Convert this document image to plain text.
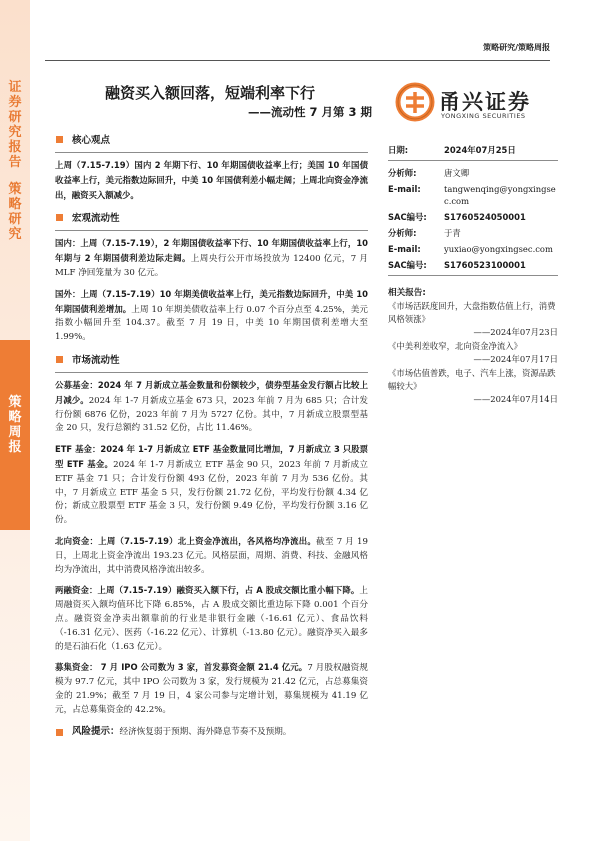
证
券
研
究
报
告
策
略
研
究
策
略
周
报
策略研究/策略周报
融资买入额回落，短端利率下行
——流动性 7 月第 3 期	甬兴证券
YONGXING SECURITIES
核心观点

上周（7.15-7.19）国内 2 年期下行、10 年期国债收益率上行；美国 10 年国债收益率上行，美元指数边际回升，中美 10 年国债利差小幅走阔；上周北向资金净流出，融资买入额减少。

宏观流动性

国内：上周（7.15-7.19），2 年期国债收益率下行、10 年期国债收益率上行，10 年期与 2 年期国债利差边际走阔。上周央行公开市场投放为 12400 亿元，7 月 MLF 净回笼量为 30 亿元。

国外：上周（7.15-7.19）10 年期美债收益率上行，美元指数边际回升，中美 10 年期国债利差增加。上周 10 年期美债收益率上行 0.07 个百分点至 4.25%，美元指数小幅回升至 104.37。截至 7 月 19 日，中美 10 年期国债利差增大至 1.99%。

市场流动性

公募基金：2024 年 7 月新成立基金数量和份额较少，债券型基金发行额占比较上月减少。2024 年 1-7 月新成立基金 673 只，2023 年前 7 月为 685 只；合计发行份额 6876 亿份，2023 年前 7 月为 5727 亿份。其中，7 月新成立股票型基金 20 只，发行总额约 31.52 亿份，占比 11.46%。

ETF 基金：2024 年 1-7 月新成立 ETF 基金数量同比增加，7 月新成立 3 只股票型 ETF 基金。2024 年 1-7 月新成立 ETF 基金 90 只，2023 年前 7 月新成立 ETF 基金 71 只；合计发行份额 493 亿份，2023 年前 7 月为 536 亿份。其中，7 月新成立 ETF 基金 5 只，发行份额 21.72 亿份，平均发行份额 4.34 亿份；新成立股票型 ETF 基金 3 只，发行份额 9.49 亿份，平均发行份额 3.16 亿份。

北向资金：上周（7.15-7.19）北上资金净流出，各风格均净流出。截至 7 月 19 日，上周北上资金净流出 193.23 亿元。风格层面，周期、消费、科技、金融风格均为净流出，其中消费风格净流出较多。

两融资金：上周（7.15-7.19）融资买入额下行，占 A 股成交额比重小幅下降。上周融资买入额均值环比下降 6.85%，占 A 股成交额比重边际下降 0.001 个百分点。融资资金净卖出额靠前的行业是非银行金融（-16.61 亿元）、食品饮料（-16.31 亿元）、医药（-16.22 亿元）、计算机（-13.80 亿元）。融资净买入最多的是石油石化（1.63 亿元）。

募集资金： 7 月 IPO 公司数为 3 家，首发募资金额 21.4 亿元。7 月股权融资规模为 97.7 亿元，其中 IPO 公司数为 3 家，发行规模为 21.42 亿元，占总募集资金的 21.9%；截至 7 月 19 日，4 家公司参与定增计划，募集规模为 41.19 亿元，占总募集资金的 42.2%。

风险提示：经济恢复弱于预期、海外降息节奏不及预期。
日期:	2024年07月25日
分析师:	唐文卿
E-mail:	tangwenqing@yongxingsec.com
SAC编号:	S1760524050001
分析师:	于青
E-mail:	yuxiao@yongxingsec.com
SAC编号:	S1760523100001
相关报告:
《市场活跃度回升，大盘指数估值上行，消费风格领涨》
——2024年07月23日
《中美利差收窄，北向资金净流入》
——2024年07月17日
《市场估值普跌，电子、汽车上涨，资源品跌幅较大》
——2024年07月14日
